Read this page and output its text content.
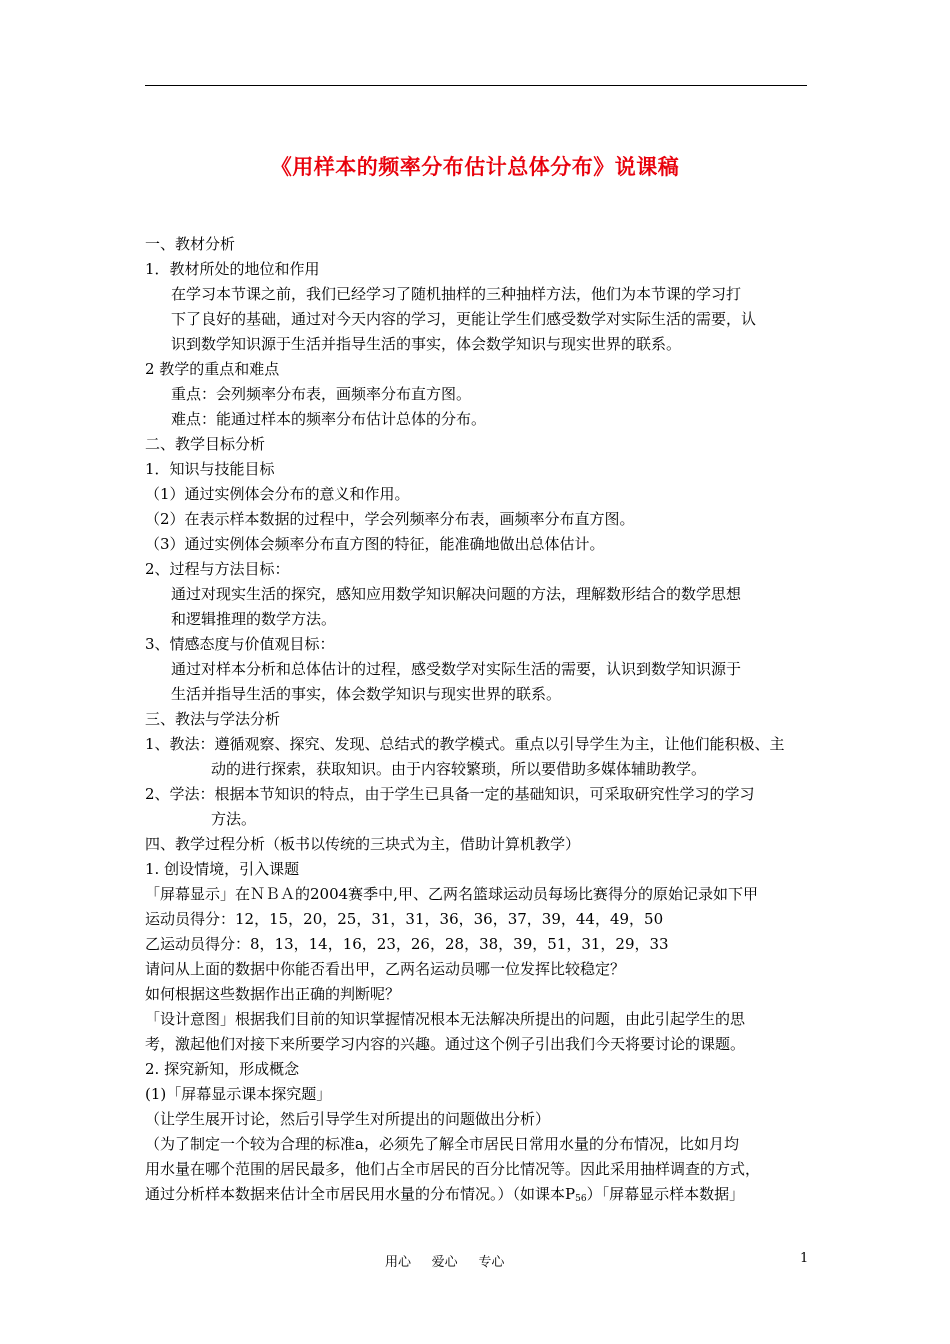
《用样本的频率分布估计总体分布》说课稿
一、教材分析
1．教材所处的地位和作用
在学习本节课之前，我们已经学习了随机抽样的三种抽样方法，他们为本节课的学习打
下了良好的基础，通过对今天内容的学习，更能让学生们感受数学对实际生活的需要，认
识到数学知识源于生活并指导生活的事实，体会数学知识与现实世界的联系。
2 教学的重点和难点
重点：会列频率分布表，画频率分布直方图。
难点：能通过样本的频率分布估计总体的分布。
二、教学目标分析
1．知识与技能目标
（1）通过实例体会分布的意义和作用。
（2）在表示样本数据的过程中，学会列频率分布表，画频率分布直方图。
（3）通过实例体会频率分布直方图的特征，能准确地做出总体估计。
2、过程与方法目标：
通过对现实生活的探究，感知应用数学知识解决问题的方法，理解数形结合的数学思想
和逻辑推理的数学方法。
3、情感态度与价值观目标：
通过对样本分析和总体估计的过程，感受数学对实际生活的需要，认识到数学知识源于
生活并指导生活的事实，体会数学知识与现实世界的联系。
三、教法与学法分析
1、教法：遵循观察、探究、发现、总结式的教学模式。重点以引导学生为主，让他们能积极、主
动的进行探索，获取知识。由于内容较繁琐，所以要借助多媒体辅助教学。
2、学法：根据本节知识的特点，由于学生已具备一定的基础知识，可采取研究性学习的学习
方法。
四、教学过程分析（板书以传统的三块式为主，借助计算机教学）
1. 创设情境，引入课题
「屏幕显示」在ＮＢＡ的2004赛季中,甲、乙两名篮球运动员每场比赛得分的原始记录如下甲
运动员得分：12，15，20，25，31，31，36，36，37，39，44，49，50
乙运动员得分：8，13，14，16，23，26，28，38，39，51，31，29，33
请问从上面的数据中你能否看出甲，乙两名运动员哪一位发挥比较稳定？
如何根据这些数据作出正确的判断呢？
「设计意图」根据我们目前的知识掌握情况根本无法解决所提出的问题，由此引起学生的思
考，激起他们对接下来所要学习内容的兴趣。通过这个例子引出我们今天将要讨论的课题。
2. 探究新知，形成概念
(1)「屏幕显示课本探究题」
（让学生展开讨论，然后引导学生对所提出的问题做出分析）
（为了制定一个较为合理的标准a，必须先了解全市居民日常用水量的分布情况，比如月均
用水量在哪个范围的居民最多，他们占全市居民的百分比情况等。因此采用抽样调查的方式，
通过分析样本数据来估计全市居民用水量的分布情况。）（如课本$P_{56}$）「屏幕显示样本数据」
用心     爱心     专心	1
